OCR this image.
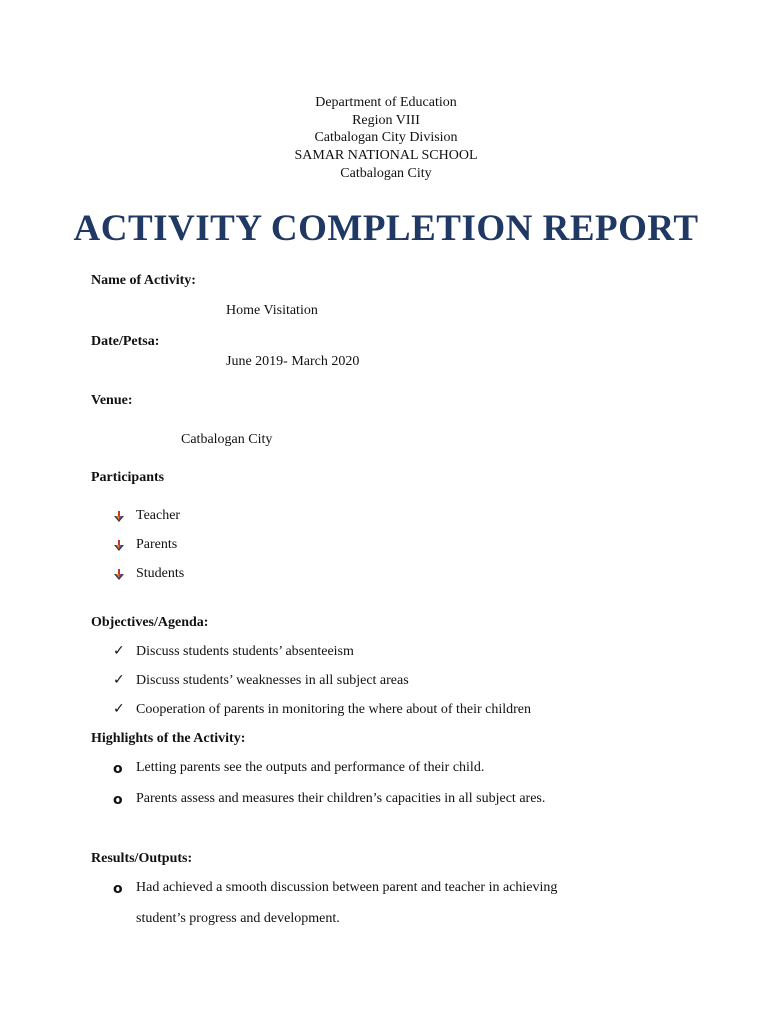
Department of Education
Region VIII
Catbalogan City Division
SAMAR NATIONAL SCHOOL
Catbalogan City
ACTIVITY COMPLETION REPORT
Name of Activity:
Home Visitation
Date/Petsa:
June 2019- March 2020
Venue:
Catbalogan City
Participants
Teacher
Parents
Students
Objectives/Agenda:
✓ Discuss students students’ absenteeism
✓ Discuss students’ weaknesses in all subject areas
✓ Cooperation of parents in monitoring the where about of their children
Highlights of the Activity:
o Letting parents see the outputs and performance of their child.
o Parents assess and measures their children’s capacities in all subject ares.
Results/Outputs:
o Had achieved a smooth discussion between parent and teacher in achieving
student’s progress and development.
